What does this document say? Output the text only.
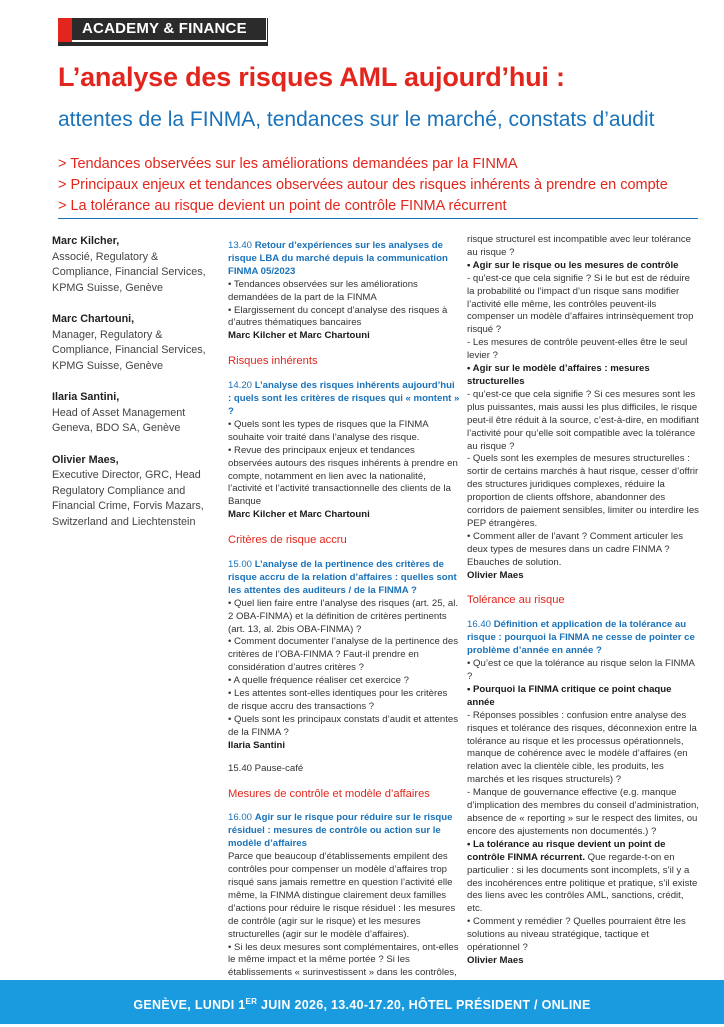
ACADEMY & FINANCE
L’analyse des risques AML aujourd’hui :

attentes de la FINMA, tendances sur le marché, constats d’audit

> Tendances observées sur les améliorations demandées par la FINMA
> Principaux enjeux et tendances observées autour des risques inhérents à prendre en compte
> La tolérance au risque devient un point de contrôle FINMA récurrent
Marc Kilcher,
Associé, Regulatory & Compliance, Financial Services, KPMG Suisse, Genève
Marc Chartouni,
Manager, Regulatory & Compliance, Financial Services, KPMG Suisse, Genève
Ilaria Santini,
Head of Asset Management Geneva, BDO SA, Genève
Olivier Maes,
Executive Director, GRC, Head Regulatory Compliance and Financial Crime, Forvis Mazars, Switzerland and Liechtenstein

13.40 Retour d’expériences sur les analyses de risque LBA du marché depuis la communication FINMA 05/2023

• Tendances observées sur les améliorations demandées de la part de la FINMA

• Elargissement du concept d’analyse des risques à d’autres thématiques bancaires

Marc Kilcher et Marc Chartouni

Risques inhérents

14.20 L’analyse des risques inhérents aujourd’hui : quels sont les critères de risques qui « montent » ?

• Quels sont les types de risques que la FINMA souhaite voir traité dans l’analyse des risque.

• Revue des principaux enjeux et tendances observées autours des risques inhérents à prendre en compte, notamment en lien avec la nationalité, l’activité et l’activité transactionnelle des clients de la Banque

Marc Kilcher et Marc Chartouni

Critères de risque accru

15.00 L’analyse de la pertinence des critères de risque accru de la relation d’affaires : quelles sont les attentes des auditeurs / de la FINMA ?

• Quel lien faire entre l’analyse des risques (art. 25, al. 2 OBA-FINMA) et la définition de critères pertinents (art. 13, al. 2bis OBA-FINMA) ?

• Comment documenter l’analyse de la pertinence des critères de l’OBA-FINMA ? Faut-il prendre en considération d’autres critères ?

• A quelle fréquence réaliser cet exercice ?

• Les attentes sont-elles identiques pour les critères de risque accru des transactions ?

• Quels sont les principaux constats d’audit et attentes de la FINMA ?

Ilaria Santini

15.40 Pause-café

Mesures de contrôle et modèle d’affaires

16.00 Agir sur le risque pour réduire sur le risque résiduel : mesures de contrôle ou action sur le modèle d’affaires

Parce que beaucoup d’établissements empilent des contrôles pour compenser un modèle d’affaires trop risqué sans jamais remettre en question l’activité elle même, la FINMA distingue clairement deux familles d’actions pour réduire le risque résiduel : les mesures de contrôle (agir sur le risque) et les mesures structurelles (agir sur le modèle d’affaires).

• Si les deux mesures sont complémentaires, ont-elles le même impact et la même portée ? Si les établissements « surinvestissent » dans les contrôles,

risque structurel est incompatible avec leur tolérance au risque ?

• Agir sur le risque ou les mesures de contrôle

- qu’est-ce que cela signifie ? Si le but est de réduire la probabilité ou l’impact d’un risque sans modifier l’activité elle même, les contrôles peuvent-ils compenser un modèle d’affaires intrinsèquement trop risqué ?

- Les mesures de contrôle peuvent-elles être le seul levier ?

• Agir sur le modèle d’affaires : mesures structurelles

- qu’est-ce que cela signifie ? Si ces mesures sont les plus puissantes, mais aussi les plus difficiles, le risque peut-il être réduit à la source, c’est-à-dire, en modifiant l’activité pour qu’elle soit compatible avec la tolérance au risque ?

- Quels sont les exemples de mesures structurelles : sortir de certains marchés à haut risque, cesser d’offrir des structures juridiques complexes, réduire la proportion de clients offshore, abandonner des corridors de paiement sensibles, limiter ou interdire les PEP étrangères.

• Comment aller de l’avant ? Comment articuler les deux types de mesures dans un cadre FINMA ? Ebauches de solution.

Olivier Maes

Tolérance au risque

16.40 Définition et application de la tolérance au risque : pourquoi la FINMA ne cesse de pointer ce problème d’année en année ?

• Qu’est ce que la tolérance au risque selon la FINMA ?

• Pourquoi la FINMA critique ce point chaque année

- Réponses possibles : confusion entre analyse des risques et tolérance des risques, déconnexion entre la tolérance au risque et les processus opérationnels, manque de cohérence avec le modèle d’affaires (en relation avec la clientèle cible, les produits, les marchés et les risques structurels) ?

- Manque de gouvernance effective (e.g. manque d’implication des membres du conseil d’administration, absence de « reporting » sur le respect des limites, ou encore des ajustements non documentés.) ?

• La tolérance au risque devient un point de contrôle FINMA récurrent. Que regarde-t-on en particulier : si les documents sont incomplets, s’il y a des incohérences entre politique et pratique, s’il existe des liens avec les contrôles AML, sanctions, crédit, etc.

• Comment y remédier ? Quelles pourraient être les solutions au niveau stratégique, tactique et opérationnel ?

Olivier Maes

GENÈVE, LUNDI 1ER JUIN 2026, 13.40-17.20, HÔTEL PRÉSIDENT / ONLINE
